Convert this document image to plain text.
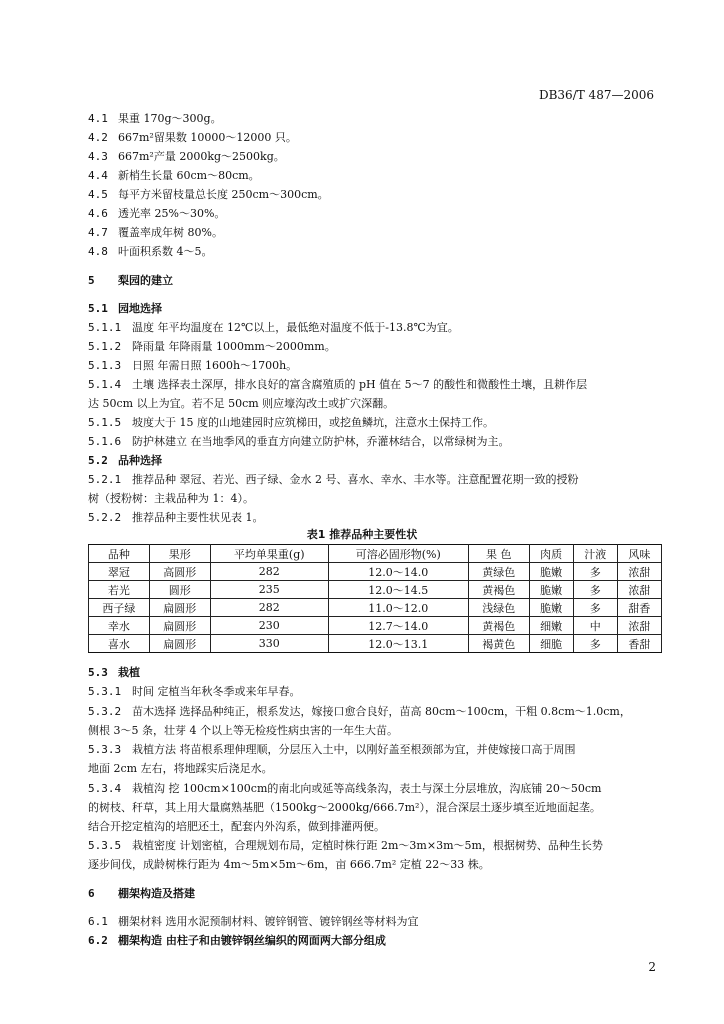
DB36/T 487—2006
4.1 果重 170g～300g。
4.2 667m²留果数 10000～12000 只。
4.3 667m²产量 2000kg～2500kg。
4.4 新梢生长量 60cm～80cm。
4.5 每平方米留枝量总长度 250cm～300cm。
4.6 透光率 25%～30%。
4.7 覆盖率成年树 80%。
4.8 叶面积系数 4～5。
5 梨园的建立
5.1 园地选择
5.1.1 温度 年平均温度在 12℃以上，最低绝对温度不低于-13.8℃为宜。
5.1.2 降雨量 年降雨量 1000mm～2000mm。
5.1.3 日照 年需日照 1600h～1700h。
5.1.4 土壤 选择表土深厚，排水良好的富含腐殖质的 pH 值在 5～7 的酸性和微酸性土壤，且耕作层
达 50cm 以上为宜。若不足 50cm 则应壕沟改土或扩穴深翻。
5.1.5 坡度大于 15 度的山地建园时应筑梯田，或挖鱼鳞坑，注意水土保持工作。
5.1.6 防护林建立 在当地季风的垂直方向建立防护林，乔灌林结合，以常绿树为主。
5.2 品种选择
5.2.1 推荐品种 翠冠、若光、西子绿、金水 2 号、喜水、幸水、丰水等。注意配置花期一致的授粉
树（授粉树：主栽品种为 1：4）。
5.2.2 推荐品种主要性状见表 1。
表1 推荐品种主要性状
品种	果形	平均单果重(g)	可溶必固形物(%)	果 色	肉质	汁液	风味
翠冠	高圆形	282	12.0～14.0	黄绿色	脆嫩	多	浓甜
若光	圆形	235	12.0～14.5	黄褐色	脆嫩	多	浓甜
西子绿	扁圆形	282	11.0～12.0	浅绿色	脆嫩	多	甜香
幸水	扁圆形	230	12.7～14.0	黄褐色	细嫩	中	浓甜
喜水	扁圆形	330	12.0～13.1	褐黄色	细脆	多	香甜
5.3 栽植
5.3.1 时间 定植当年秋冬季或来年早春。
5.3.2 苗木选择 选择品种纯正，根系发达，嫁接口愈合良好，苗高 80cm～100cm，干粗 0.8cm～1.0cm，
侧根 3～5 条，壮芽 4 个以上等无检疫性病虫害的一年生大苗。
5.3.3 栽植方法 将苗根系理伸理顺，分层压入土中，以刚好盖至根颈部为宜，并使嫁接口高于周围
地面 2cm 左右，将地踩实后浇足水。
5.3.4 栽植沟 挖 100cm×100cm的南北向或延等高线条沟，表土与深土分层堆放，沟底铺 20～50cm
的树枝、秆草，其上用大量腐熟基肥（1500kg～2000kg/666.7m²），混合深层土逐步填至近地面起垄。
结合开挖定植沟的培肥还土，配套内外沟系，做到排灌两便。
5.3.5 栽植密度 计划密植，合理规划布局，定植时株行距 2m～3m×3m～5m，根据树势、品种生长势
逐步间伐，成龄树株行距为 4m～5m×5m～6m，亩 666.7m² 定植 22～33 株。
6 棚架构造及搭建
6.1 棚架材料 选用水泥预制材料、镀锌钢管、镀锌钢丝等材料为宜
6.2 棚架构造 由柱子和由镀锌钢丝编织的网面两大部分组成
2
